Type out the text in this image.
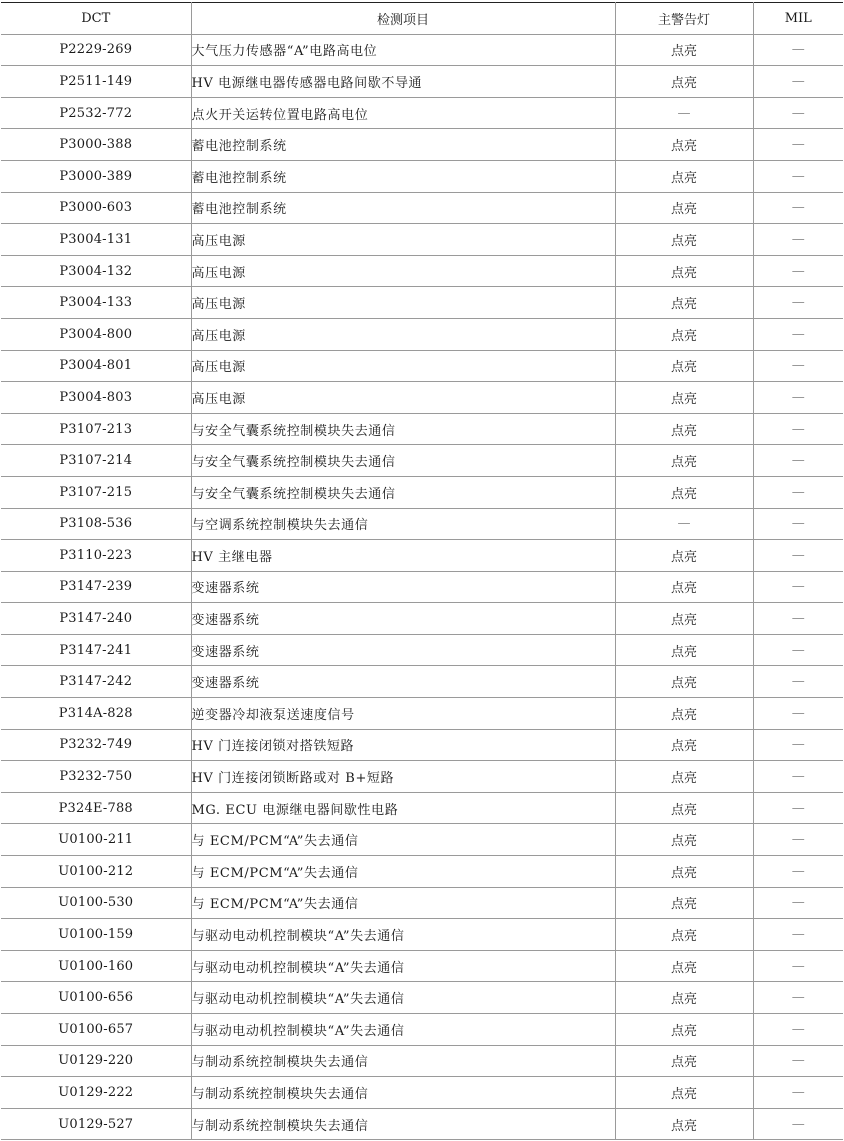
DCT	检测项目	主警告灯	MIL
P2229-269	大气压力传感器“A”电路高电位	点亮	—
P2511-149	HV 电源继电器传感器电路间歇不导通	点亮	—
P2532-772	点火开关运转位置电路高电位	—	—
P3000-388	蓄电池控制系统	点亮	—
P3000-389	蓄电池控制系统	点亮	—
P3000-603	蓄电池控制系统	点亮	—
P3004-131	高压电源	点亮	—
P3004-132	高压电源	点亮	—
P3004-133	高压电源	点亮	—
P3004-800	高压电源	点亮	—
P3004-801	高压电源	点亮	—
P3004-803	高压电源	点亮	—
P3107-213	与安全气囊系统控制模块失去通信	点亮	—
P3107-214	与安全气囊系统控制模块失去通信	点亮	—
P3107-215	与安全气囊系统控制模块失去通信	点亮	—
P3108-536	与空调系统控制模块失去通信	—	—
P3110-223	HV 主继电器	点亮	—
P3147-239	变速器系统	点亮	—
P3147-240	变速器系统	点亮	—
P3147-241	变速器系统	点亮	—
P3147-242	变速器系统	点亮	—
P314A-828	逆变器冷却液泵送速度信号	点亮	—
P3232-749	HV 门连接闭锁对搭铁短路	点亮	—
P3232-750	HV 门连接闭锁断路或对 B+短路	点亮	—
P324E-788	MG. ECU 电源继电器间歇性电路	点亮	—
U0100-211	与 ECM/PCM“A”失去通信	点亮	—
U0100-212	与 ECM/PCM“A”失去通信	点亮	—
U0100-530	与 ECM/PCM“A”失去通信	点亮	—
U0100-159	与驱动电动机控制模块“A”失去通信	点亮	—
U0100-160	与驱动电动机控制模块“A”失去通信	点亮	—
U0100-656	与驱动电动机控制模块“A”失去通信	点亮	—
U0100-657	与驱动电动机控制模块“A”失去通信	点亮	—
U0129-220	与制动系统控制模块失去通信	点亮	—
U0129-222	与制动系统控制模块失去通信	点亮	—
U0129-527	与制动系统控制模块失去通信	点亮	—
